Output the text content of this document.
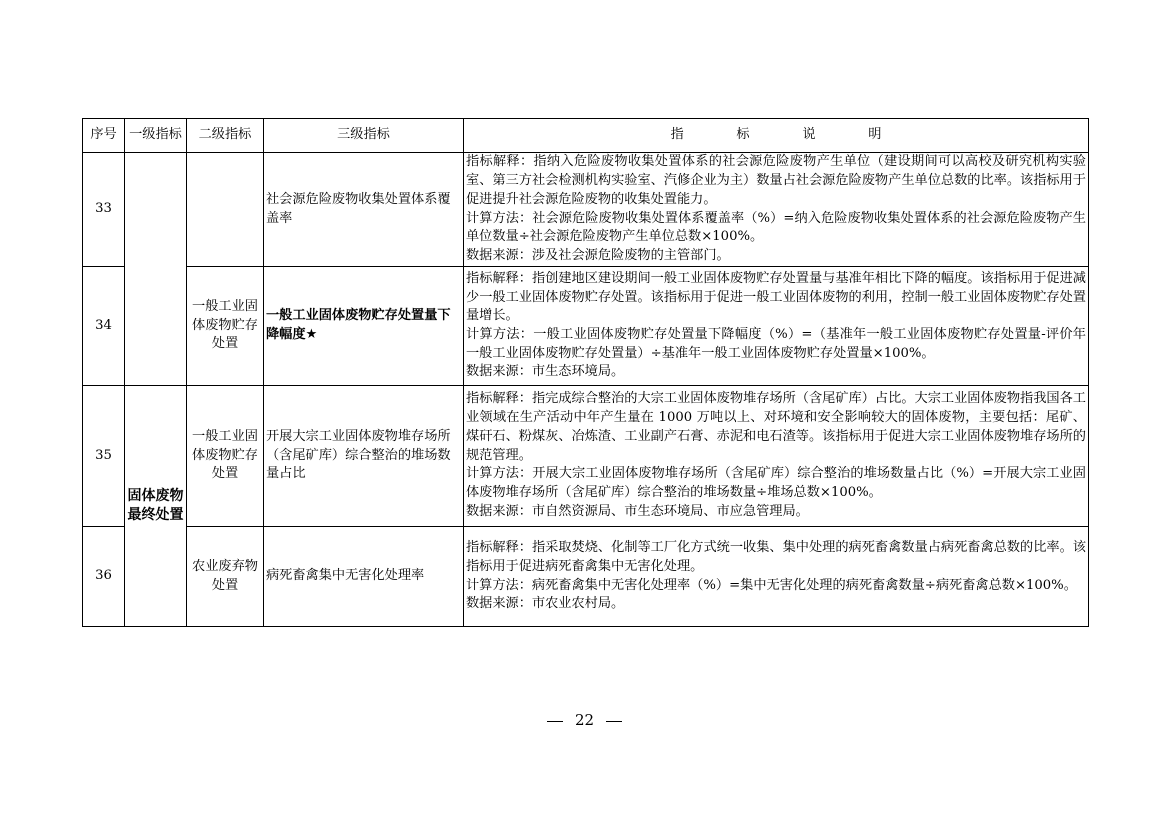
序号	一级指标	二级指标	三级指标	指　　　　标　　　　说　　　　明
33			社会源危险废物收集处置体系覆盖率	指标解释：指纳入危险废物收集处置体系的社会源危险废物产生单位（建设期间可以高校及研究机构实验室、第三方社会检测机构实验室、汽修企业为主）数量占社会源危险废物产生单位总数的比率。该指标用于促进提升社会源危险废物的收集处置能力。
计算方法：社会源危险废物收集处置体系覆盖率（%）=纳入危险废物收集处置体系的社会源危险废物产生单位数量÷社会源危险废物产生单位总数×100%。
数据来源：涉及社会源危险废物的主管部门。

34		一般工业固体废物贮存处置	一般工业固体废物贮存处置量下降幅度★	指标解释：指创建地区建设期间一般工业固体废物贮存处置量与基准年相比下降的幅度。该指标用于促进减少一般工业固体废物贮存处置。该指标用于促进一般工业固体废物的利用，控制一般工业固体废物贮存处置量增长。
计算方法：一般工业固体废物贮存处置量下降幅度（%）=（基准年一般工业固体废物贮存处置量-评价年一般工业固体废物贮存处置量）÷基准年一般工业固体废物贮存处置量×100%。
数据来源：市生态环境局。

35	固体废物最终处置	一般工业固体废物贮存处置	开展大宗工业固体废物堆存场所（含尾矿库）综合整治的堆场数量占比	指标解释：指完成综合整治的大宗工业固体废物堆存场所（含尾矿库）占比。大宗工业固体废物指我国各工业领域在生产活动中年产生量在 1000 万吨以上、对环境和安全影响较大的固体废物，主要包括：尾矿、煤矸石、粉煤灰、冶炼渣、工业副产石膏、赤泥和电石渣等。该指标用于促进大宗工业固体废物堆存场所的规范管理。
计算方法：开展大宗工业固体废物堆存场所（含尾矿库）综合整治的堆场数量占比（%）=开展大宗工业固体废物堆存场所（含尾矿库）综合整治的堆场数量÷堆场总数×100%。
数据来源：市自然资源局、市生态环境局、市应急管理局。

36		农业废弃物处置	病死畜禽集中无害化处理率	指标解释：指采取焚烧、化制等工厂化方式统一收集、集中处理的病死畜禽数量占病死畜禽总数的比率。该指标用于促进病死畜禽集中无害化处理。
计算方法：病死畜禽集中无害化处理率（%）=集中无害化处理的病死畜禽数量÷病死畜禽总数×100%。
数据来源：市农业农村局。
22
